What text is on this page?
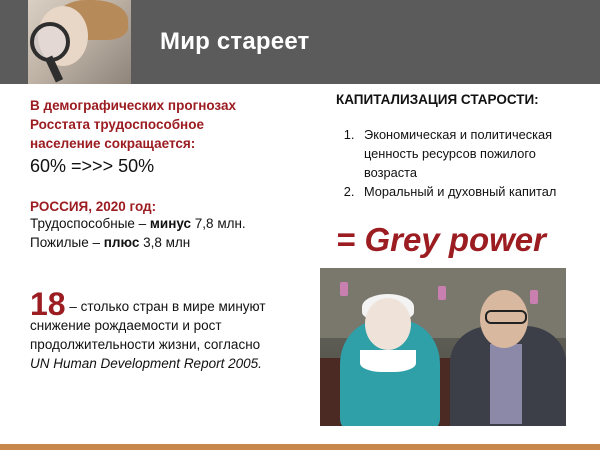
Мир стареет
В демографических прогнозах
Росстата трудоспособное
население сокращается:
60% =>>> 50%
РОССИЯ, 2020 год:
Трудоспособные – минус 7,8 млн.
Пожилые – плюс 3,8 млн
18 – столько стран в мире минуют
снижение рождаемости и рост
продолжительности жизни, согласно
UN Human Development Report 2005.
КАПИТАЛИЗАЦИЯ СТАРОСТИ:
1. Экономическая и политическая ценность ресурсов пожилого возраста
2. Моральный и духовный капитал
= Grey power
